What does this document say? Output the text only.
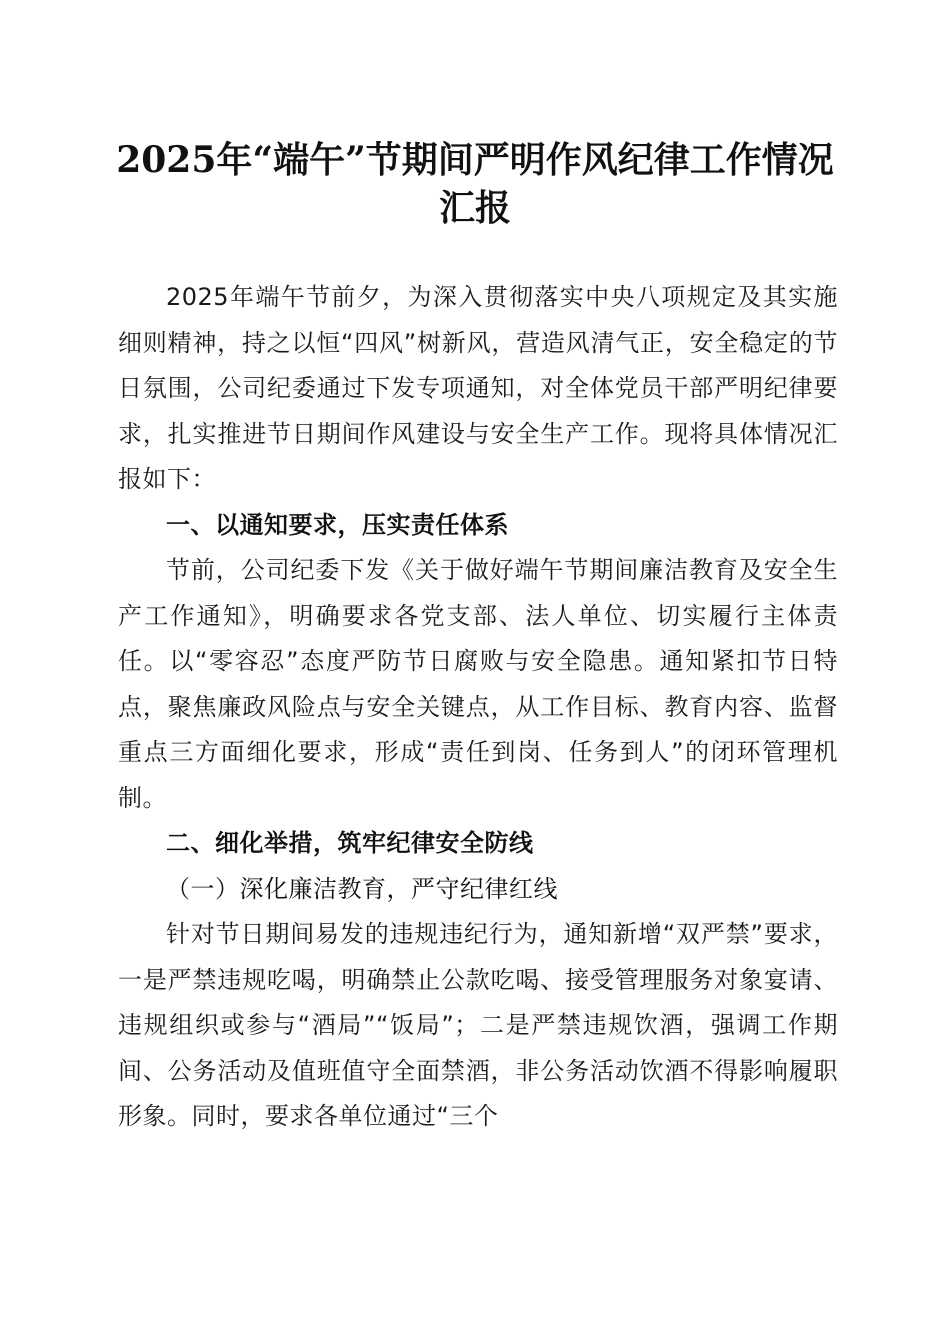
2025年“端午”节期间严明作风纪律工作情况汇报

2025年端午节前夕，为深入贯彻落实中央八项规定及其实施细则精神，持之以恒“四风”树新风，营造风清气正，安全稳定的节日氛围，公司纪委通过下发专项通知，对全体党员干部严明纪律要求，扎实推进节日期间作风建设与安全生产工作。现将具体情况汇报如下：

一、以通知要求，压实责任体系

节前，公司纪委下发《关于做好端午节期间廉洁教育及安全生产工作通知》，明确要求各党支部、法人单位、切实履行主体责任。以“零容忍”态度严防节日腐败与安全隐患。通知紧扣节日特点，聚焦廉政风险点与安全关键点，从工作目标、教育内容、监督重点三方面细化要求，形成“责任到岗、任务到人”的闭环管理机制。

二、细化举措，筑牢纪律安全防线

（一）深化廉洁教育，严守纪律红线

针对节日期间易发的违规违纪行为，通知新增“双严禁”要求，一是严禁违规吃喝，明确禁止公款吃喝、接受管理服务对象宴请、违规组织或参与“酒局”“饭局”；二是严禁违规饮酒，强调工作期间、公务活动及值班值守全面禁酒，非公务活动饮酒不得影响履职形象。同时，要求各单位通过“三个
